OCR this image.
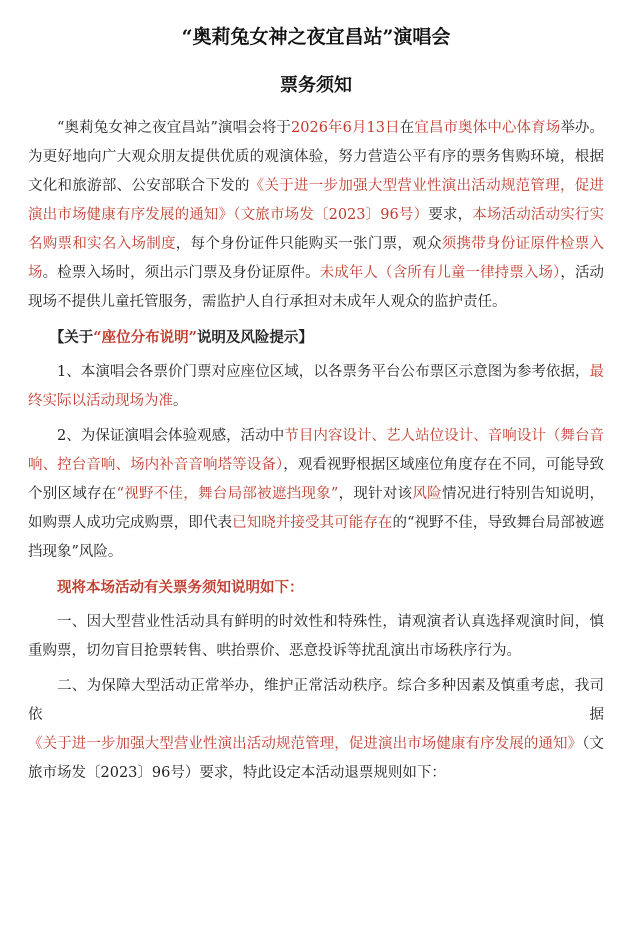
“奥莉兔女神之夜宜昌站”演唱会
票务须知

“奥莉兔女神之夜宜昌站”演唱会将于2026年6月13日在宜昌市奥体中心体育场举办。为更好地向广大观众朋友提供优质的观演体验，努力营造公平有序的票务售购环境，根据文化和旅游部、公安部联合下发的《关于进一步加强大型营业性演出活动规范管理，促进演出市场健康有序发展的通知》（文旅市场发〔2023〕96号）要求，本场活动活动实行实名购票和实名入场制度，每个身份证件只能购买一张门票，观众须携带身份证原件检票入场。检票入场时，须出示门票及身份证原件。未成年人（含所有儿童一律持票入场），活动现场不提供儿童托管服务，需监护人自行承担对未成年人观众的监护责任。

【关于“座位分布说明”说明及风险提示】

1、本演唱会各票价门票对应座位区域，以各票务平台公布票区示意图为参考依据，最终实际以活动现场为准。

2、为保证演唱会体验观感，活动中节目内容设计、艺人站位设计、音响设计（舞台音响、控台音响、场内补音音响塔等设备），观看视野根据区域座位角度存在不同，可能导致个别区域存在“视野不佳，舞台局部被遮挡现象”，现针对该风险情况进行特别告知说明，如购票人成功完成购票，即代表已知晓并接受其可能存在的“视野不佳，导致舞台局部被遮挡现象”风险。

现将本场活动有关票务须知说明如下：

一、因大型营业性活动具有鲜明的时效性和特殊性，请观演者认真选择观演时间，慎重购票，切勿盲目抢票转售、哄抬票价、恶意投诉等扰乱演出市场秩序行为。

二、为保障大型活动正常举办，维护正常活动秩序。综合多种因素及慎重考虑，我司依据《关于进一步加强大型营业性演出活动规范管理，促进演出市场健康有序发展的通知》（文旅市场发〔2023〕96号）要求，特此设定本活动退票规则如下：
